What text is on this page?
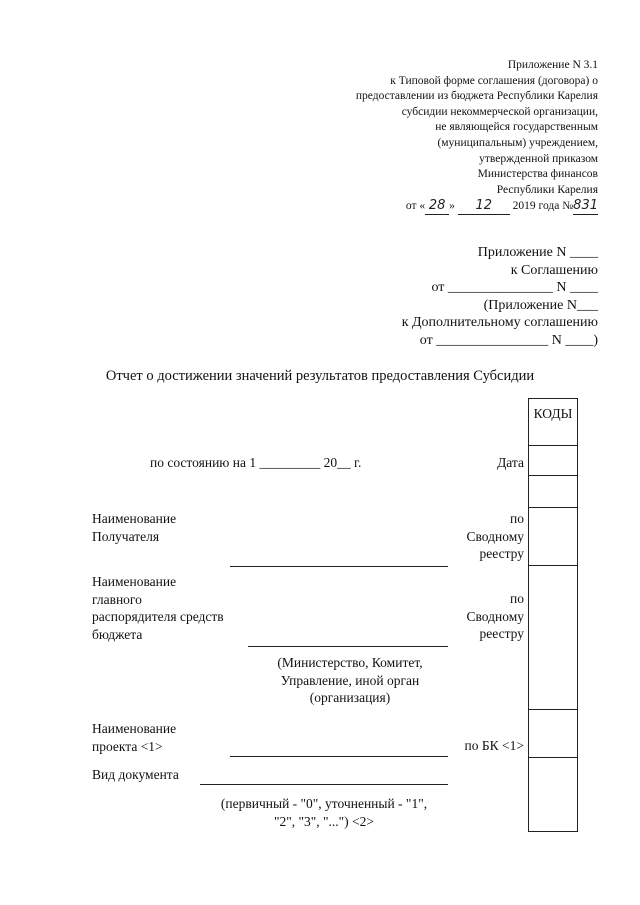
Приложение N 3.1
к Типовой форме соглашения (договора) о
предоставлении из бюджета Республики Карелия
субсидии некоммерческой организации,
не являющейся государственным
(муниципальным) учреждением,
утвержденной приказом
Министерства финансов
Республики Карелия
от « 28 » 12 2019 года №831
Приложение N ____
к Соглашению
от _______________ N ____
(Приложение N___
к Дополнительному соглашению
от ________________ N ____)
Отчет о достижении значений результатов предоставления Субсидии
КОДЫ
по состоянию на 1 _________ 20__ г.	Дата
Наименование
Получателя
по
Сводному
реестру
Наименование
главного
распорядителя средств
бюджета
по
Сводному
реестру
(Министерство, Комитет,
Управление, иной орган
(организация)
Наименование
проекта <1>	по БК <1>
Вид документа
(первичный - "0", уточненный - "1",
"2", "3", "...") <2>
